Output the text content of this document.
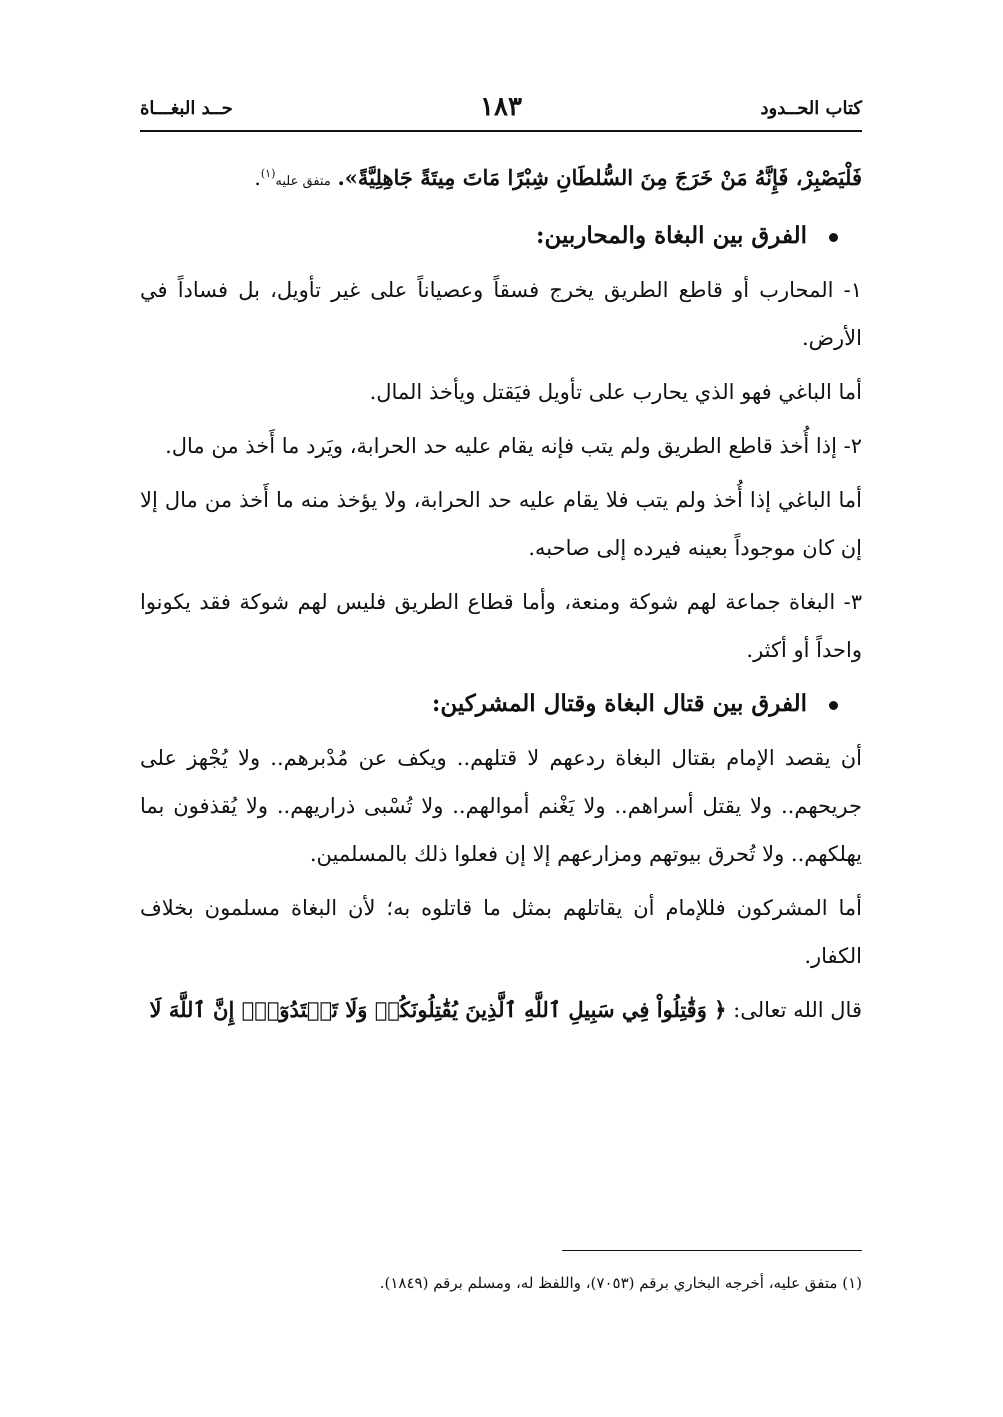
كتاب الحــدود
١٨٣
حــد البغـــاة

فَلْيَصْبِرْ، فَإِنَّهُ مَنْ خَرَجَ مِنَ السُّلطَانِ شِبْرًا مَاتَ مِيتَةً جَاهِلِيَّةً». متفق عليه$^{(١)}$.

الفرق بين البغاة والمحاربين:

١- المحارب أو قاطع الطريق يخرج فسقاً وعصياناً على غير تأويل، بل فساداً في الأرض.

أما الباغي فهو الذي يحارب على تأويل فيَقتل ويأخذ المال.

٢- إذا أُخذ قاطع الطريق ولم يتب فإنه يقام عليه حد الحرابة، ويَرد ما أَخذ من مال.

أما الباغي إذا أُخذ ولم يتب فلا يقام عليه حد الحرابة، ولا يؤخذ منه ما أَخذ من مال إلا إن كان موجوداً بعينه فيرده إلى صاحبه.

٣- البغاة جماعة لهم شوكة ومنعة، وأما قطاع الطريق فليس لهم شوكة فقد يكونوا واحداً أو أكثر.

الفرق بين قتال البغاة وقتال المشركين:

أن يقصد الإمام بقتال البغاة ردعهم لا قتلهم.. ويكف عن مُدْبرهم.. ولا يُجْهز على جريحهم.. ولا يقتل أسراهم.. ولا يَغْنم أموالهم.. ولا تُسْبى ذراريهم.. ولا يُقذفون بما يهلكهم.. ولا تُحرق بيوتهم ومزارعهم إلا إن فعلوا ذلك بالمسلمين.

أما المشركون فللإمام أن يقاتلهم بمثل ما قاتلوه به؛ لأن البغاة مسلمون بخلاف الكفار.

قال الله تعالى: ﴿ وَقَٰتِلُواْ فِي سَبِيلِ ٱللَّهِ ٱلَّذِينَ يُقَٰتِلُونَكُمۡ وَلَا تَعۡتَدُوٓاْۚ إِنَّ ٱللَّهَ لَا

(١) متفق عليه، أخرجه البخاري برقم (٧٠٥٣)، واللفظ له، ومسلم برقم (١٨٤٩).
